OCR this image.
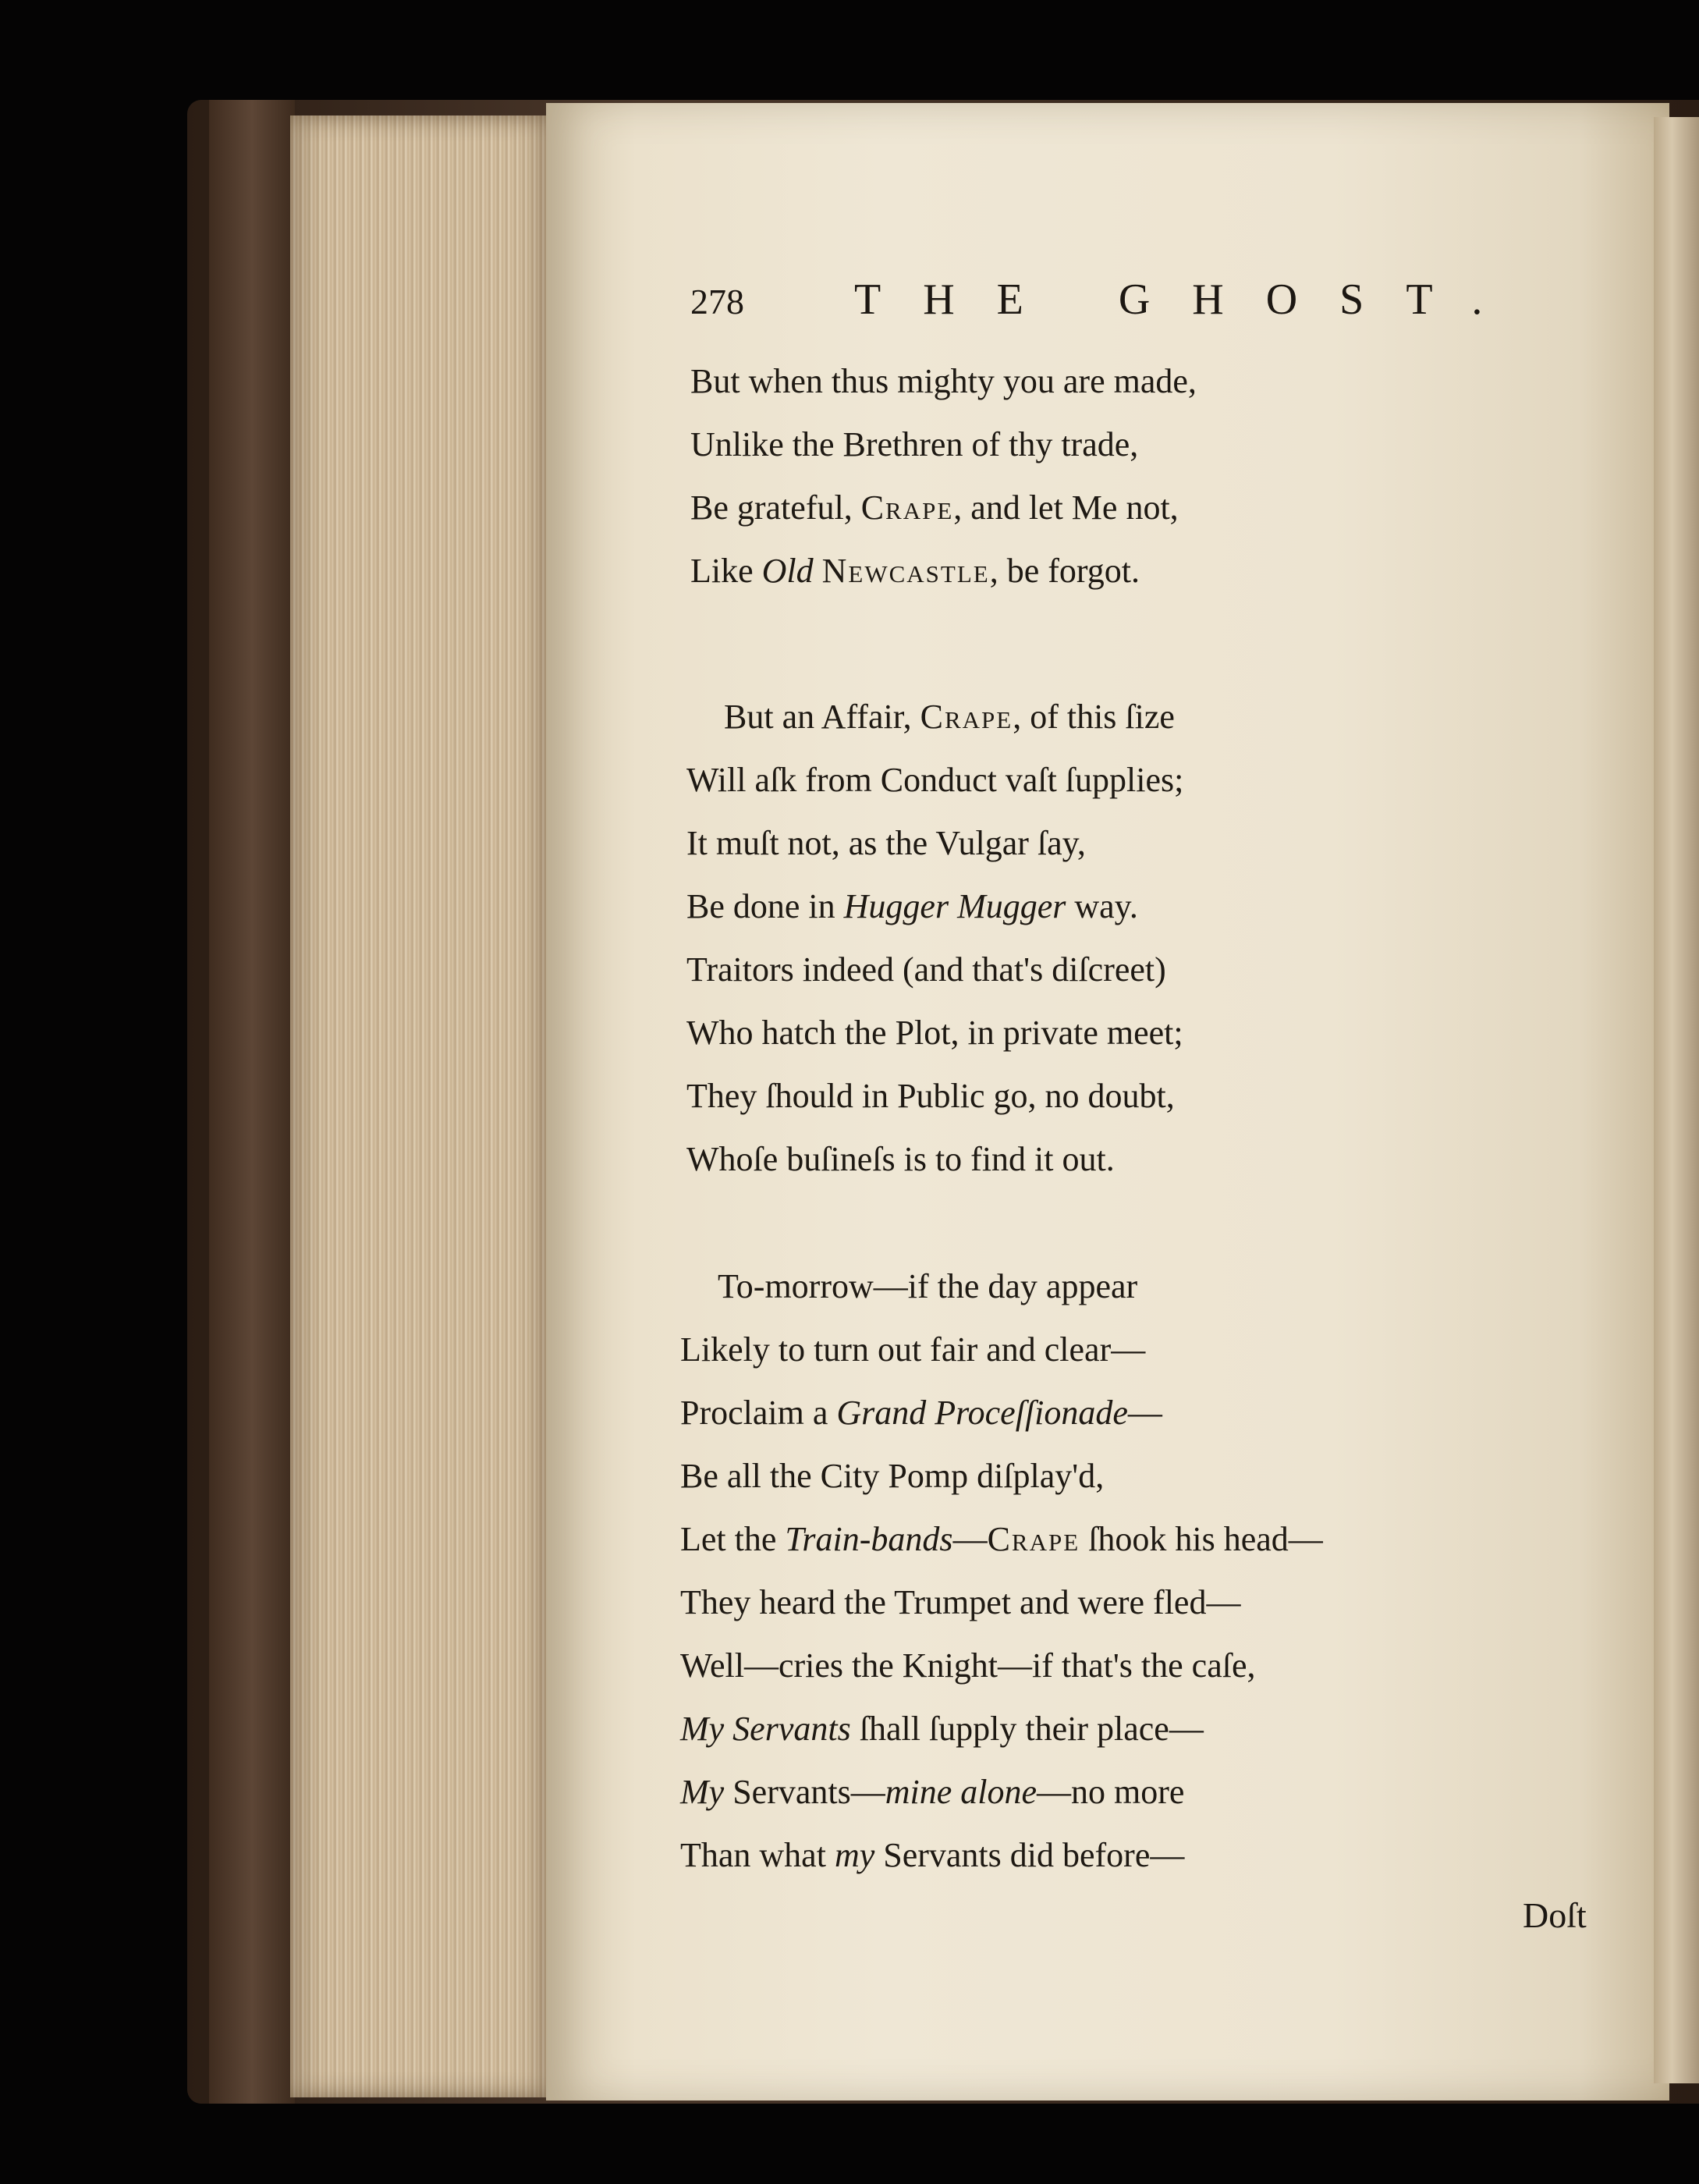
278	THE GHOST.
But when thus mighty you are made,
Unlike the Brethren of thy trade,
Be grateful, Crape, and let Me not,
Like Old Newcastle, be forgot.
But an Affair, Crape, of this ſize
Will aſk from Conduct vaſt ſupplies;
It muſt not, as the Vulgar ſay,
Be done in Hugger Mugger way.
Traitors indeed (and that's diſcreet)
Who hatch the Plot, in private meet;
They ſhould in Public go, no doubt,
Whoſe buſineſs is to find it out.
To-morrow—if the day appear
Likely to turn out fair and clear—
Proclaim a Grand Proceſſionade—
Be all the City Pomp diſplay'd,
Let the Train-bands—Crape ſhook his head—
They heard the Trumpet and were fled—
Well—cries the Knight—if that's the caſe,
My Servants ſhall ſupply their place—
My Servants—mine alone—no more
Than what my Servants did before—
Doſt
